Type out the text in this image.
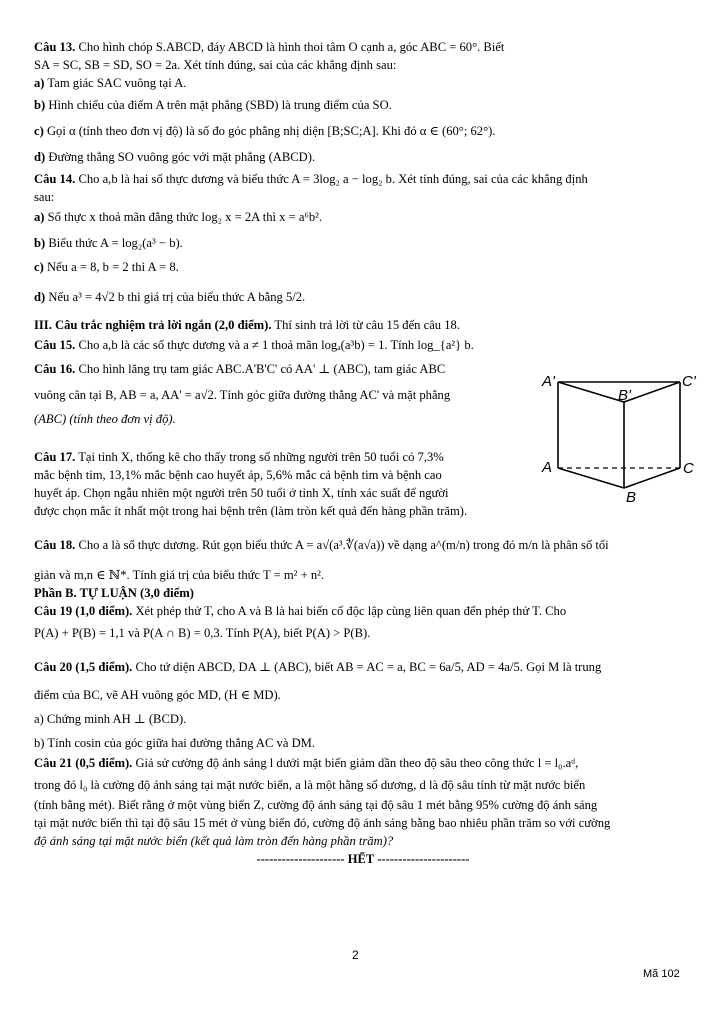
Câu 13. Cho hình chóp S.ABCD, đáy ABCD là hình thoi tâm O cạnh a, góc ABC = 60°. Biết
SA = SC, SB = SD, SO = 2a. Xét tính đúng, sai của các khẳng định sau:
a) Tam giác SAC vuông tại A.
b) Hình chiếu của điểm A trên mặt phẳng (SBD) là trung điểm của SO.
c) Gọi α (tính theo đơn vị độ) là số đo góc phẳng nhị diện [B;SC;A]. Khi đó α ∈ (60°; 62°).
d) Đường thẳng SO vuông góc với mặt phẳng (ABCD).
Câu 14. Cho a,b là hai số thực dương và biểu thức A = 3log₂ a − log₂ b. Xét tính đúng, sai của các khẳng định
sau:
a) Số thực x thoả mãn đẳng thức log₂ x = 2A thì x = a⁶b².
b) Biểu thức A = log₂(a³ − b).
c) Nếu a = 8, b = 2 thì A = 8.
d) Nếu a³ = 4√2 b thì giá trị của biểu thức A bằng 5/2.
III. Câu trắc nghiệm trả lời ngắn (2,0 điểm). Thí sinh trả lời từ câu 15 đến câu 18.
Câu 15. Cho a,b là các số thực dương và a ≠ 1 thoả mãn logₐ(a³b) = 1. Tính log_{a²} b.
Câu 16. Cho hình lăng trụ tam giác ABC.A'B'C' có AA' ⊥ (ABC), tam giác ABC
vuông cân tại B, AB = a, AA' = a√2. Tính góc giữa đường thẳng AC' và mặt phẳng
(ABC) (tính theo đơn vị độ).
Câu 17. Tại tỉnh X, thống kê cho thấy trong số những người trên 50 tuổi có 7,3%
mắc bệnh tim, 13,1% mắc bệnh cao huyết áp, 5,6% mắc cả bệnh tim và bệnh cao
huyết áp. Chọn ngẫu nhiên một người trên 50 tuổi ở tỉnh X, tính xác suất để người
được chọn mắc ít nhất một trong hai bệnh trên (làm tròn kết quả đến hàng phần trăm).
Câu 18. Cho a là số thực dương. Rút gọn biểu thức A = a√(a³.∜(a√a)) về dạng a^(m/n) trong đó m/n là phân số tối
giản và m,n ∈ ℕ*. Tính giá trị của biểu thức T = m² + n².
Phần B. TỰ LUẬN (3,0 điểm)
Câu 19 (1,0 điểm). Xét phép thử T, cho A và B là hai biến cố độc lập cùng liên quan đến phép thử T. Cho
P(A) + P(B) = 1,1 và P(A ∩ B) = 0,3. Tính P(A), biết P(A) > P(B).
Câu 20 (1,5 điểm). Cho tứ diện ABCD, DA ⊥ (ABC), biết AB = AC = a, BC = 6a/5, AD = 4a/5. Gọi M là trung
điểm của BC, vẽ AH vuông góc MD, (H ∈ MD).
a) Chứng minh AH ⊥ (BCD).
b) Tính cosin của góc giữa hai đường thẳng AC và DM.
Câu 21 (0,5 điểm). Giả sử cường độ ánh sáng l dưới mặt biển giảm dần theo độ sâu theo công thức l = l₀.aᵈ,
trong đó l₀ là cường độ ánh sáng tại mặt nước biển, a là một hằng số dương, d là độ sâu tính từ mặt nước biển
(tính bằng mét). Biết rằng ở một vùng biển Z, cường độ ánh sáng tại độ sâu 1 mét bằng 95% cường độ ánh sáng
tại mặt nước biển thì tại độ sâu 15 mét ở vùng biển đó, cường độ ánh sáng bằng bao nhiêu phần trăm so với cường
độ ánh sáng tại mặt nước biển (kết quả làm tròn đến hàng phần trăm)?
--------------------- HẾT ----------------------
A'	C'
B'
A	C
B
2
Mã 102
